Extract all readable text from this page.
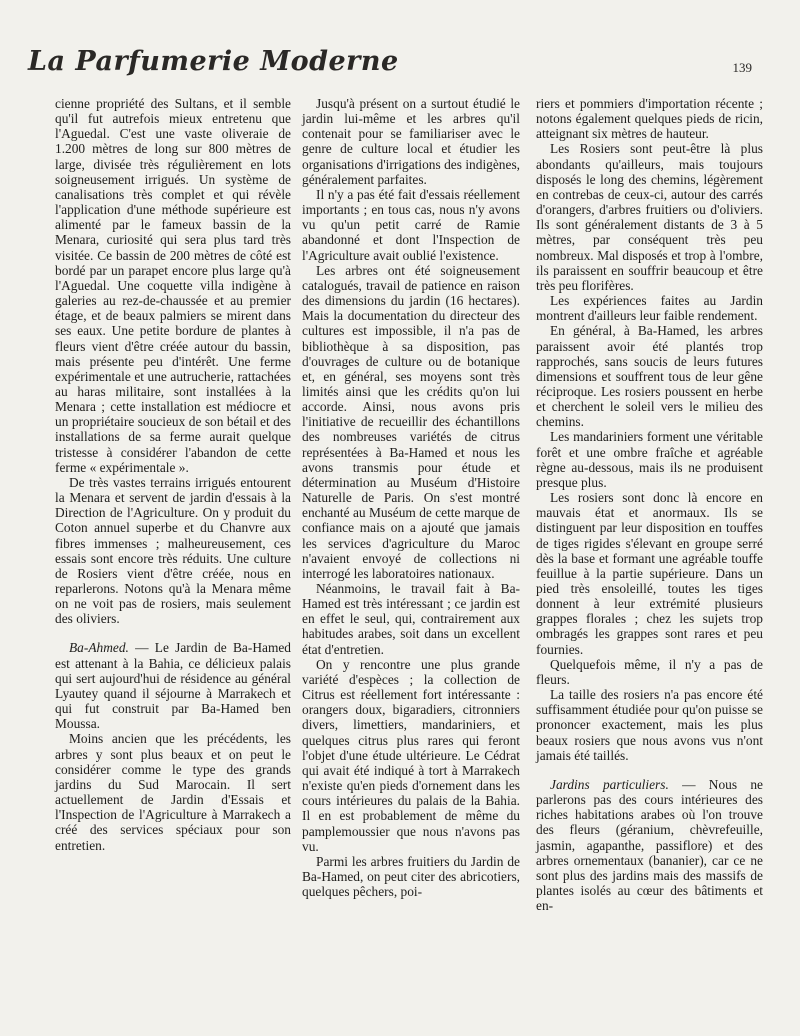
La Parfumerie Moderne	139

cienne propriété des Sultans, et il semble qu'il fut autrefois mieux entretenu que l'Aguedal. C'est une vaste oliveraie de 1.200 mètres de long sur 800 mètres de large, divisée très régulièrement en lots soigneusement irrigués. Un système de canalisations très complet et qui révèle l'application d'une méthode supérieure est alimenté par le fameux bassin de la Menara, curiosité qui sera plus tard très visitée. Ce bassin de 200 mètres de côté est bordé par un parapet encore plus large qu'à l'Aguedal. Une coquette villa indigène à galeries au rez-de-chaussée et au premier étage, et de beaux palmiers se mirent dans ses eaux. Une petite bordure de plantes à fleurs vient d'être créée autour du bassin, mais présente peu d'intérêt. Une ferme expérimentale et une autrucherie, rattachées au haras militaire, sont installées à la Menara ; cette installation est médiocre et un propriétaire soucieux de son bétail et des installations de sa ferme aurait quelque tristesse à considérer l'abandon de cette ferme « expérimentale ».

De très vastes terrains irrigués entourent la Menara et servent de jardin d'essais à la Direction de l'Agriculture. On y produit du Coton annuel superbe et du Chanvre aux fibres immenses ; malheureusement, ces essais sont encore très réduits. Une culture de Rosiers vient d'être créée, nous en reparlerons. Notons qu'à la Menara même on ne voit pas de rosiers, mais seulement des oliviers.

Ba-Ahmed. — Le Jardin de Ba-Hamed est attenant à la Bahia, ce délicieux palais qui sert aujourd'hui de résidence au général Lyautey quand il séjourne à Marrakech et qui fut construit par Ba-Hamed ben Moussa.

Moins ancien que les précédents, les arbres y sont plus beaux et on peut le considérer comme le type des grands jardins du Sud Marocain. Il sert actuellement de Jardin d'Essais et l'Inspection de l'Agriculture à Marrakech a créé des services spéciaux pour son entretien.

Jusqu'à présent on a surtout étudié le jardin lui-même et les arbres qu'il contenait pour se familiariser avec le genre de culture local et étudier les organisations d'irrigations des indigènes, généralement parfaites.

Il n'y a pas été fait d'essais réellement importants ; en tous cas, nous n'y avons vu qu'un petit carré de Ramie abandonné et dont l'Inspection de l'Agriculture avait oublié l'existence.

Les arbres ont été soigneusement catalogués, travail de patience en raison des dimensions du jardin (16 hectares). Mais la documentation du directeur des cultures est impossible, il n'a pas de bibliothèque à sa disposition, pas d'ouvrages de culture ou de botanique et, en général, ses moyens sont très limités ainsi que les crédits qu'on lui accorde. Ainsi, nous avons pris l'initiative de recueillir des échantillons des nombreuses variétés de citrus représentées à Ba-Hamed et nous les avons transmis pour étude et détermination au Muséum d'Histoire Naturelle de Paris. On s'est montré enchanté au Muséum de cette marque de confiance mais on a ajouté que jamais les services d'agriculture du Maroc n'avaient envoyé de collections ni interrogé les laboratoires nationaux.

Néanmoins, le travail fait à Ba-Hamed est très intéressant ; ce jardin est en effet le seul, qui, contrairement aux habitudes arabes, soit dans un excellent état d'entretien.

On y rencontre une plus grande variété d'espèces ; la collection de Citrus est réellement fort intéressante : orangers doux, bigaradiers, citronniers divers, limettiers, mandariniers, et quelques citrus plus rares qui feront l'objet d'une étude ultérieure. Le Cédrat qui avait été indiqué à tort à Marrakech n'existe qu'en pieds d'ornement dans les cours intérieures du palais de la Bahia. Il en est probablement de même du pamplemoussier que nous n'avons pas vu.

Parmi les arbres fruitiers du Jardin de Ba-Hamed, on peut citer des abricotiers, quelques pêchers, poi-

riers et pommiers d'importation récente ; notons également quelques pieds de ricin, atteignant six mètres de hauteur.

Les Rosiers sont peut-être là plus abondants qu'ailleurs, mais toujours disposés le long des chemins, légèrement en contrebas de ceux-ci, autour des carrés d'orangers, d'arbres fruitiers ou d'oliviers. Ils sont généralement distants de 3 à 5 mètres, par conséquent très peu nombreux. Mal disposés et trop à l'ombre, ils paraissent en souffrir beaucoup et être très peu florifères.

Les expériences faites au Jardin montrent d'ailleurs leur faible rendement.

En général, à Ba-Hamed, les arbres paraissent avoir été plantés trop rapprochés, sans soucis de leurs futures dimensions et souffrent tous de leur gêne réciproque. Les rosiers poussent en herbe et cherchent le soleil vers le milieu des chemins.

Les mandariniers forment une véritable forêt et une ombre fraîche et agréable règne au-dessous, mais ils ne produisent presque plus.

Les rosiers sont donc là encore en mauvais état et anormaux. Ils se distinguent par leur disposition en touffes de tiges rigides s'élevant en groupe serré dès la base et formant une agréable touffe feuillue à la partie supérieure. Dans un pied très ensoleillé, toutes les tiges donnent à leur extrémité plusieurs grappes florales ; chez les sujets trop ombragés les grappes sont rares et peu fournies.

Quelquefois même, il n'y a pas de fleurs.

La taille des rosiers n'a pas encore été suffisamment étudiée pour qu'on puisse se prononcer exactement, mais les plus beaux rosiers que nous avons vus n'ont jamais été taillés.

Jardins particuliers. — Nous ne parlerons pas des cours intérieures des riches habitations arabes où l'on trouve des fleurs (géranium, chèvrefeuille, jasmin, agapanthe, passiflore) et des arbres ornementaux (bananier), car ce ne sont plus des jardins mais des massifs de plantes isolés au cœur des bâtiments et en-
